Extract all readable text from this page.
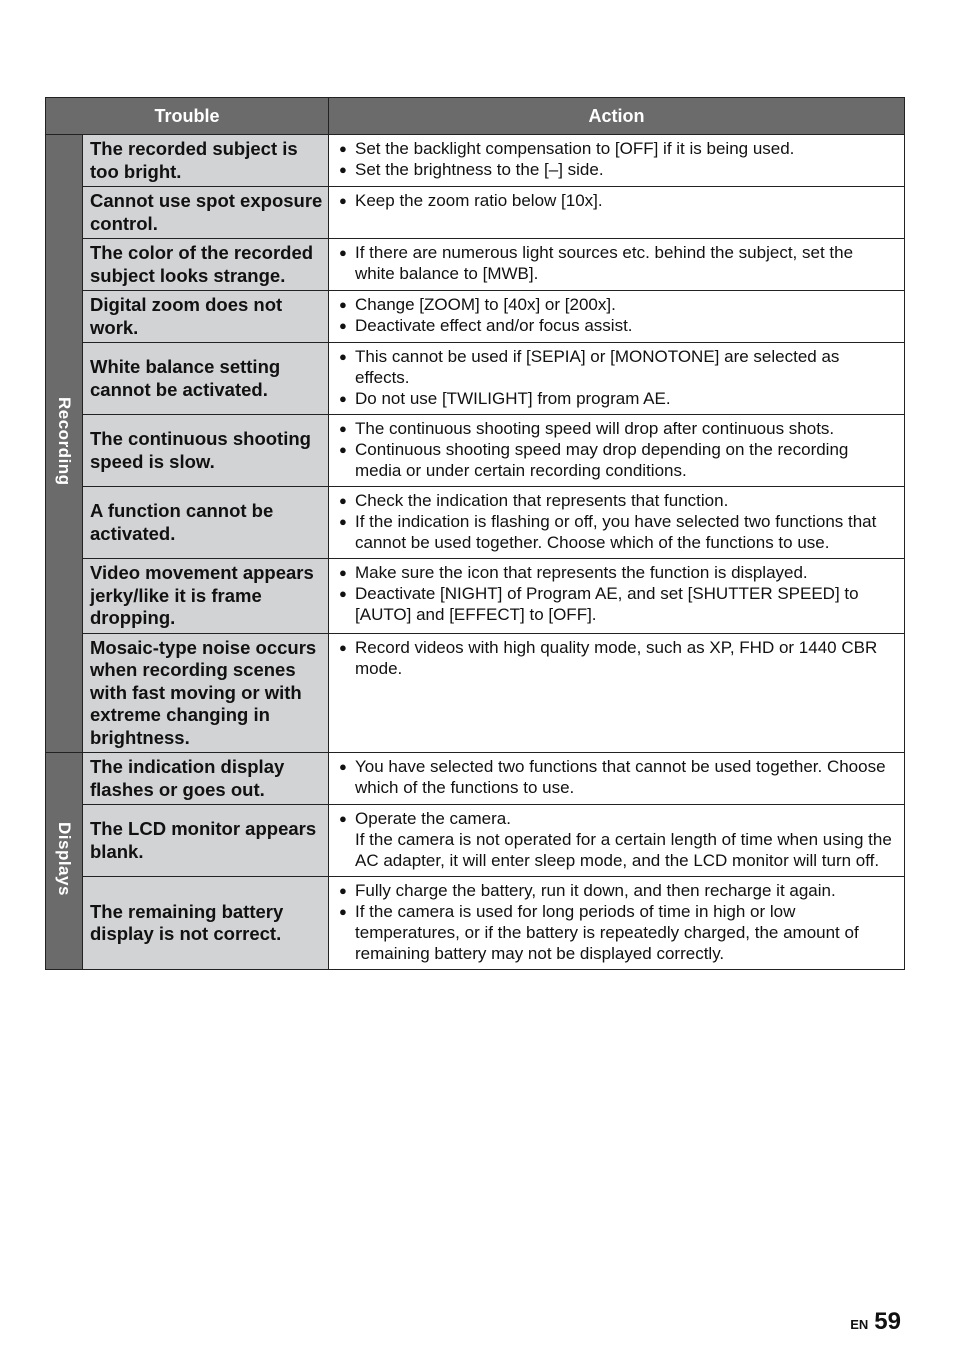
Trouble		Action
Recording	The recorded subject is too bright.	● Set the backlight compensation to [OFF] if it is being used.
● Set the brightness to the [–] side.

	Cannot use spot exposure control.	● Keep the zoom ratio below [10x].

	The color of the recorded subject looks strange.	● If there are numerous light sources etc. behind the subject, set the white balance to [MWB].

	Digital zoom does not work.	● Change [ZOOM] to [40x] or [200x].
● Deactivate effect and/or focus assist.

	White balance setting cannot be activated.	● This cannot be used if [SEPIA] or [MONOTONE] are selected as effects.
● Do not use [TWILIGHT] from program AE.

	The continuous shooting speed is slow.	● The continuous shooting speed will drop after continuous shots.
● Continuous shooting speed may drop depending on the recording media or under certain recording conditions.

	A function cannot be activated.	● Check the indication that represents that function.
● If the indication is flashing or off, you have selected two functions that cannot be used together. Choose which of the functions to use.

	Video movement appears jerky/like it is frame dropping.	● Make sure the icon that represents the function is displayed.
● Deactivate [NIGHT] of Program AE, and set [SHUTTER SPEED] to [AUTO] and [EFFECT] to [OFF].

	Mosaic-type noise occurs when recording scenes with fast moving or with extreme changing in brightness.	● Record videos with high quality mode, such as XP, FHD or 1440 CBR mode.

Displays	The indication display flashes or goes out.	● You have selected two functions that cannot be used together. Choose which of the functions to use.

	The LCD monitor appears blank.	● Operate the camera.
If the camera is not operated for a certain length of time when using the AC adapter, it will enter sleep mode, and the LCD monitor will turn off.

	The remaining battery display is not correct.	● Fully charge the battery, run it down, and then recharge it again.
● If the camera is used for long periods of time in high or low temperatures, or if the battery is repeatedly charged, the amount of remaining battery may not be displayed correctly.
EN 59
